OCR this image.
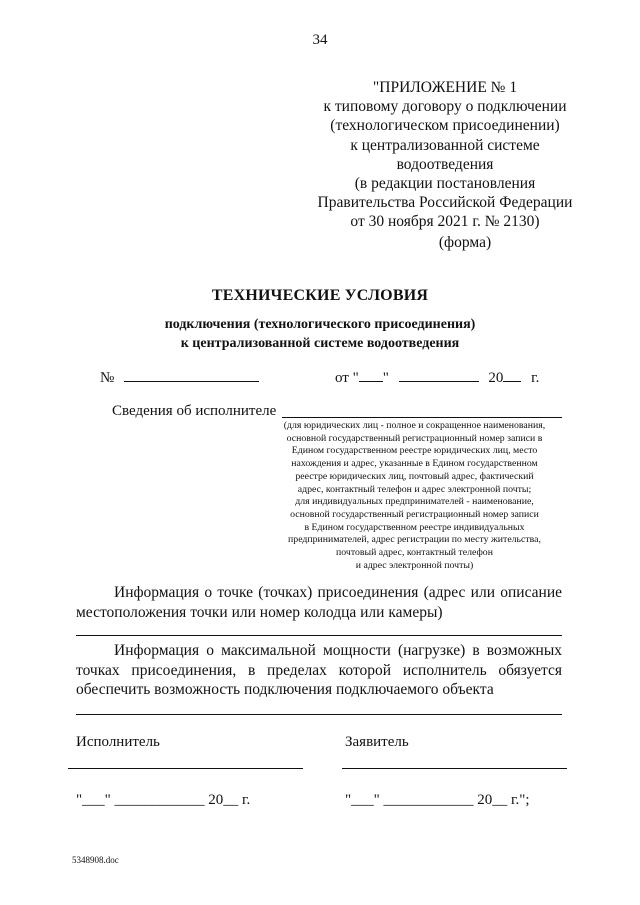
34
"ПРИЛОЖЕНИЕ № 1
к типовому договору о подключении
(технологическом присоединении)
к централизованной системе
водоотведения
(в редакции постановления
Правительства Российской Федерации
от 30 ноября 2021 г. № 2130)
(форма)
ТЕХНИЧЕСКИЕ УСЛОВИЯ
подключения (технологического присоединения)
к централизованной системе водоотведения
№	от " "	20 г.
Сведения об исполнителе
(для юридических лиц - полное и сокращенное наименования,
основной государственный регистрационный номер записи в
Едином государственном реестре юридических лиц, место
нахождения и адрес, указанные в Едином государственном
реестре юридических лиц, почтовый адрес, фактический
адрес, контактный телефон и адрес электронной почты;
для индивидуальных предпринимателей - наименование,
основной государственный регистрационный номер записи
в Едином государственном реестре индивидуальных
предпринимателей, адрес регистрации по месту жительства,
почтовый адрес, контактный телефон
и адрес электронной почты)
Информация о точке (точках) присоединения (адрес или описание местоположения точки или номер колодца или камеры)
Информация о максимальной мощности (нагрузке) в возможных точках присоединения, в пределах которой исполнитель обязуется обеспечить возможность подключения подключаемого объекта
Исполнитель	Заявитель
"___" ____________ 20__ г.	"___" ____________ 20__ г.";
5348908.doc
